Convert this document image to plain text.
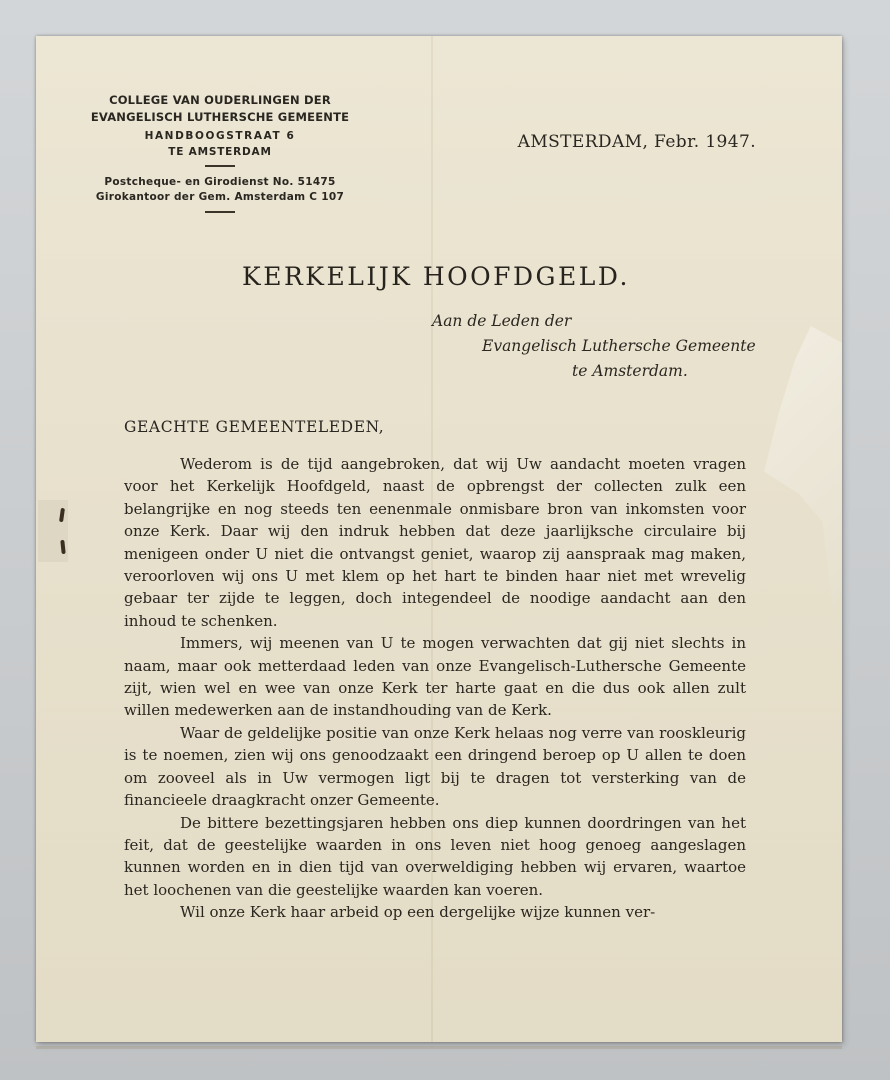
COLLEGE VAN OUDERLINGEN DER
EVANGELISCH LUTHERSCHE GEMEENTE
HANDBOOGSTRAAT 6
TE AMSTERDAM
Postcheque- en Girodienst No. 51475
Girokantoor der Gem. Amsterdam C 107
AMSTERDAM, Febr. 1947.
KERKELIJK HOOFDGELD.
Aan de Leden der
Evangelisch Luthersche Gemeente
te Amsterdam.
GEACHTE GEMEENTELEDEN,

Wederom is de tijd aangebroken, dat wij Uw aandacht moeten vragen voor het Kerkelijk Hoofdgeld, naast de opbrengst der collecten zulk een belangrijke en nog steeds ten eenenmale onmisbare bron van inkomsten voor onze Kerk. Daar wij den indruk hebben dat deze jaarlijksche circulaire bij menigeen onder U niet die ontvangst geniet, waarop zij aanspraak mag maken, veroorloven wij ons U met klem op het hart te binden haar niet met wrevelig gebaar ter zijde te leggen, doch integendeel de noodige aandacht aan den inhoud te schenken.

Immers, wij meenen van U te mogen verwachten dat gij niet slechts in naam, maar ook metterdaad leden van onze Evangelisch-Luthersche Gemeente zijt, wien wel en wee van onze Kerk ter harte gaat en die dus ook allen zult willen medewerken aan de instandhouding van de Kerk.

Waar de geldelijke positie van onze Kerk helaas nog verre van rooskleurig is te noemen, zien wij ons genoodzaakt een dringend beroep op U allen te doen om zooveel als in Uw vermogen ligt bij te dragen tot versterking van de financieele draagkracht onzer Gemeente.

De bittere bezettingsjaren hebben ons diep kunnen doordringen van het feit, dat de geestelijke waarden in ons leven niet hoog genoeg aangeslagen kunnen worden en in dien tijd van overweldiging hebben wij ervaren, waartoe het loochenen van die geestelijke waarden kan voeren.

Wil onze Kerk haar arbeid op een dergelijke wijze kunnen ver-
